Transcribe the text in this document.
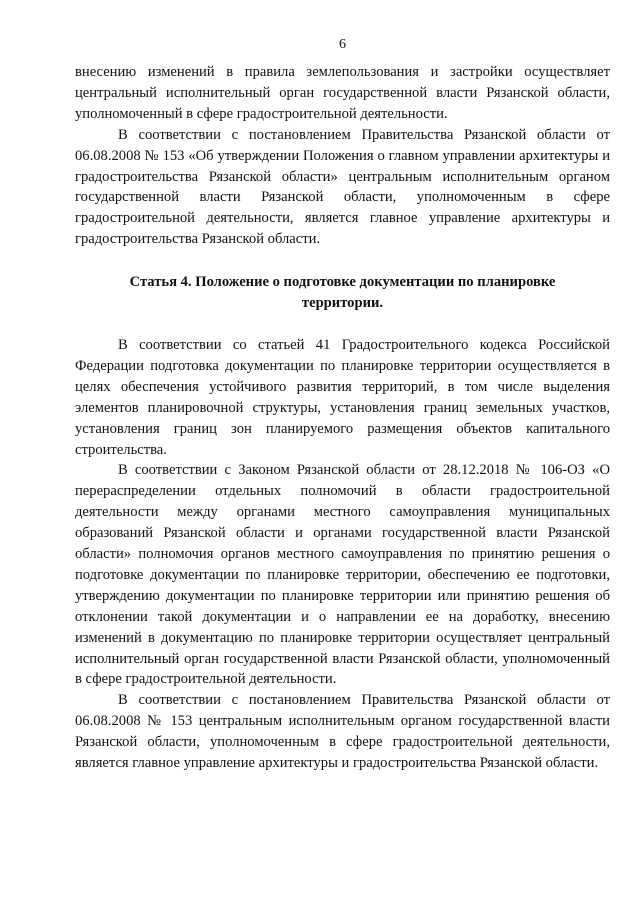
6

внесению изменений в правила землепользования и застройки осуществляет центральный исполнительный орган государственной власти Рязанской области, уполномоченный в сфере градостроительной деятельности.

В соответствии с постановлением Правительства Рязанской области от 06.08.2008 № 153 «Об утверждении Положения о главном управлении архитектуры и градостроительства Рязанской области» центральным исполнительным органом государственной власти Рязанской области, уполномоченным в сфере градостроительной деятельности, является главное управление архитектуры и градостроительства Рязанской области.

Статья 4. Положение о подготовке документации по планировке
территории.

В соответствии со статьей 41 Градостроительного кодекса Российской Федерации подготовка документации по планировке территории осуществляется в целях обеспечения устойчивого развития территорий, в том числе выделения элементов планировочной структуры, установления границ земельных участков, установления границ зон планируемого размещения объектов капитального строительства.

В соответствии с Законом Рязанской области от 28.12.2018 № 106-ОЗ «О перераспределении отдельных полномочий в области градостроительной деятельности между органами местного самоуправления муниципальных образований Рязанской области и органами государственной власти Рязанской области» полномочия органов местного самоуправления по принятию решения о подготовке документации по планировке территории, обеспечению ее подготовки, утверждению документации по планировке территории или принятию решения об отклонении такой документации и о направлении ее на доработку, внесению изменений в документацию по планировке территории осуществляет центральный исполнительный орган государственной власти Рязанской области, уполномоченный в сфере градостроительной деятельности.

В соответствии с постановлением Правительства Рязанской области от 06.08.2008 № 153 центральным исполнительным органом государственной власти Рязанской области, уполномоченным в сфере градостроительной деятельности, является главное управление архитектуры и градостроительства Рязанской области.
